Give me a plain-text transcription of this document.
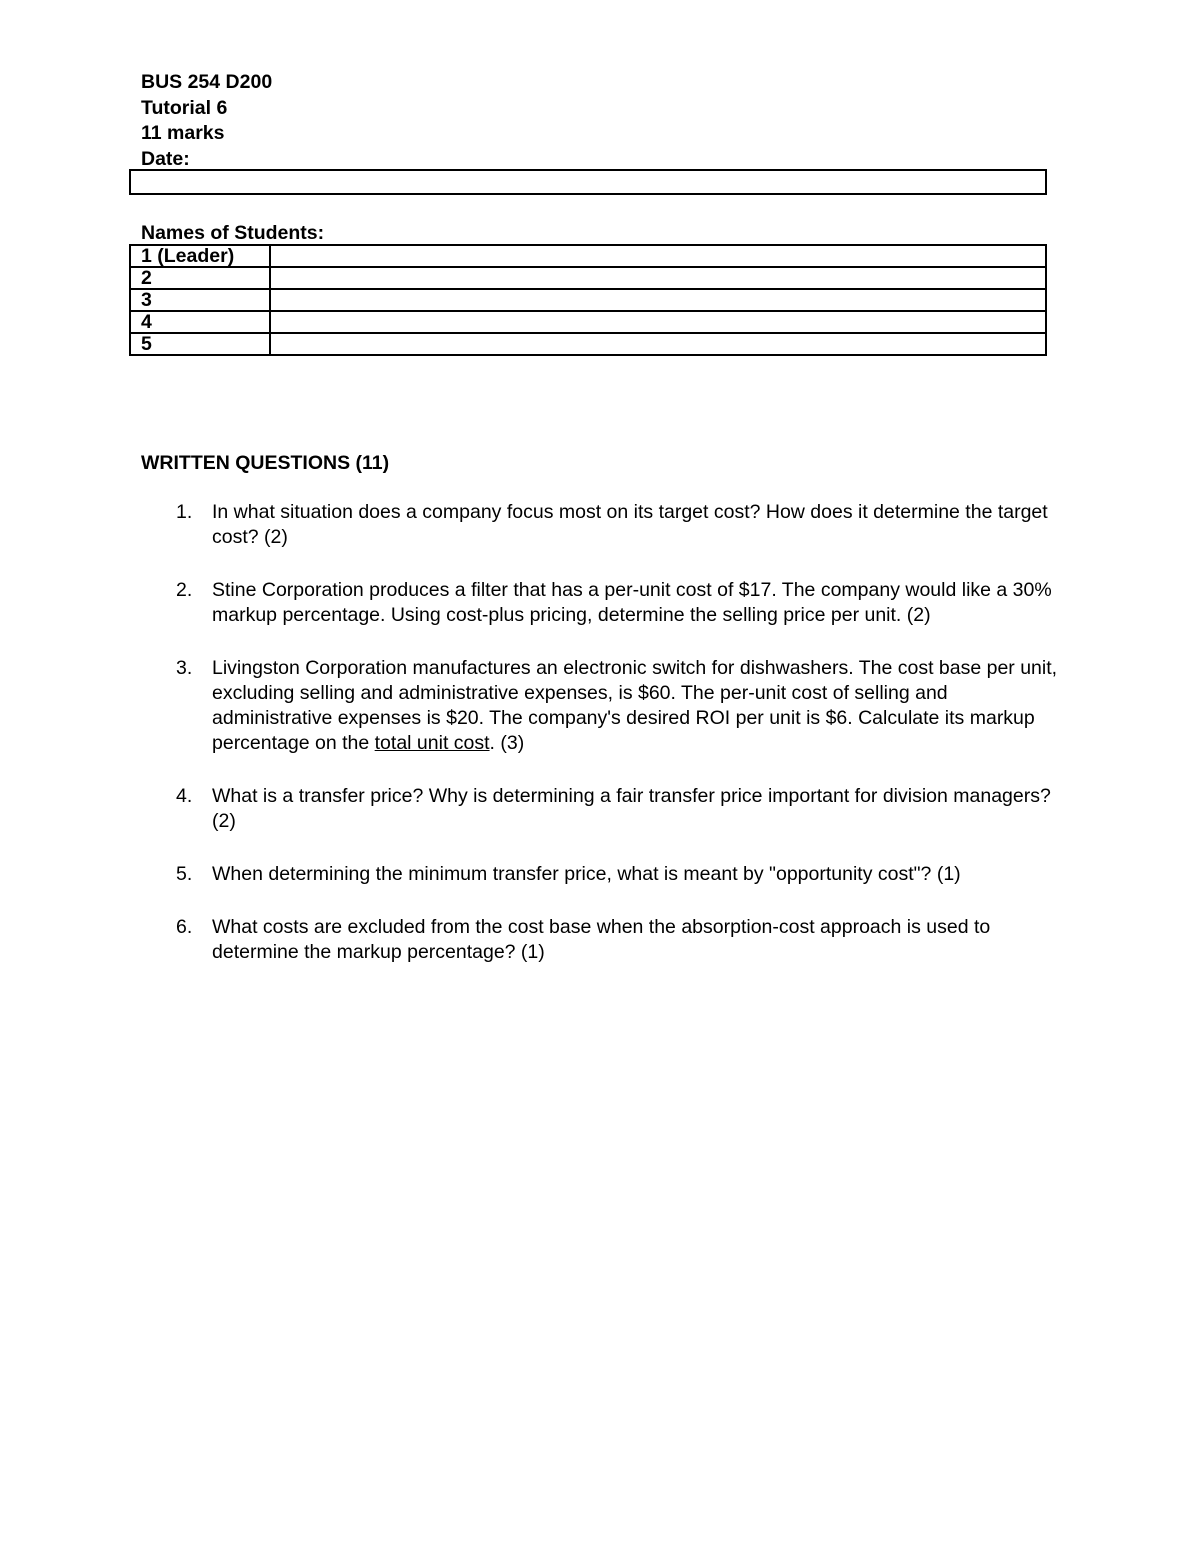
BUS 254 D200
Tutorial 6
11 marks
Date:
Names of Students:
1 (Leader)	
2	
3	
4	
5	
WRITTEN QUESTIONS (11)
1. In what situation does a company focus most on its target cost? How does it determine the target cost? (2)
2. Stine Corporation produces a filter that has a per-unit cost of $17. The company would like a 30% markup percentage. Using cost-plus pricing, determine the selling price per unit. (2)
3. Livingston Corporation manufactures an electronic switch for dishwashers. The cost base per unit, excluding selling and administrative expenses, is $60. The per-unit cost of selling and administrative expenses is $20. The company's desired ROI per unit is $6. Calculate its markup percentage on the total unit cost. (3)
4. What is a transfer price? Why is determining a fair transfer price important for division managers? (2)
5. When determining the minimum transfer price, what is meant by "opportunity cost"? (1)
6. What costs are excluded from the cost base when the absorption-cost approach is used to determine the markup percentage? (1)
